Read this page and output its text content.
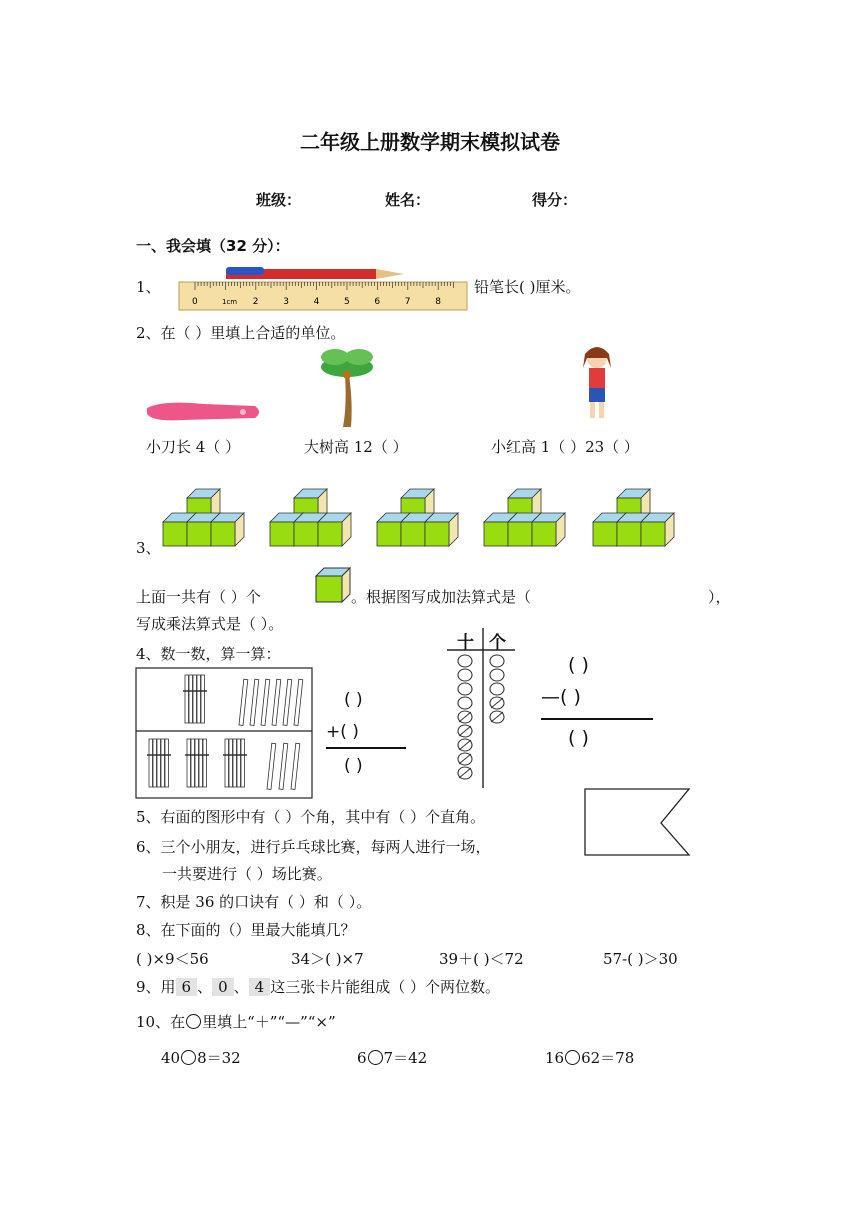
二年级上册数学期末模拟试卷
班级：	姓名：	得分：
一、我会填（32 分）：
1、
0	2	3	4	5	6	7	8
1cm
铅笔长( )厘米。
2、在（ ）里填上合适的单位。
小刀长 4（ ）	大树高 12（ ）	小红高 1（ ）23（ ）
3、
上面一共有（ ）个	。根据图写成加法算式是（	），
写成乘法算式是（ ）。
4、数一数，算一算：
( )
+( )
( )
十 个
( )
—( )
( )
5、右面的图形中有（ ）个角，其中有（ ）个直角。
6、三个小朋友，进行乒乓球比赛，每两人进行一场，
一共要进行（ ）场比赛。
7、积是 36 的口诀有（ ）和（ ）。
8、在下面的（）里最大能填几？
( )×9＜56	34＞( )×7	39＋( )＜72	57-( )＞30
9、用 6 、 0 、 4 这三张卡片能组成（ ）个两位数。
10、在 里填上“＋”“—”“×”
40 8＝32	6 7＝42	16 62＝78
